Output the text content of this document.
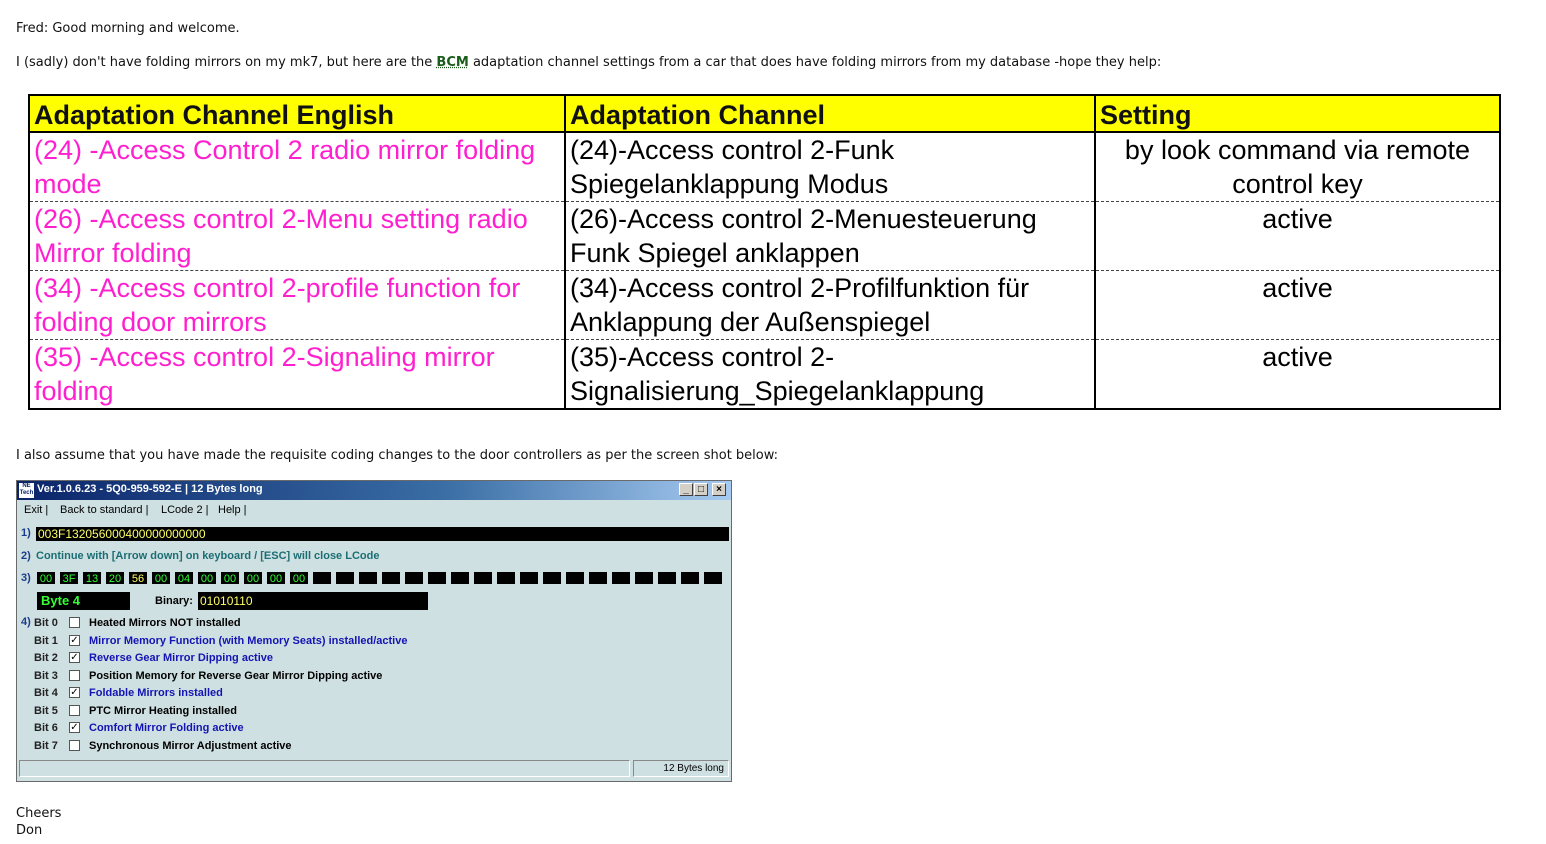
Fred: Good morning and welcome.
I (sadly) don't have folding mirrors on my mk7, but here are the BCM adaptation channel settings from a car that does have folding mirrors from my database -hope they help:
Adaptation Channel English	Adaptation Channel	Setting
(24) -Access Control 2 radio mirror folding mode	(24)-Access control 2-Funk Spiegelanklappung Modus	by look command via remote control key
(26) -Access control 2-Menu setting radio Mirror folding	(26)-Access control 2-Menuesteuerung Funk Spiegel anklappen	active
(34) -Access control 2-profile function for folding door mirrors	(34)-Access control 2-Profilfunktion für Anklappung der Außenspiegel	active
(35) -Access control 2-Signaling mirror folding	(35)-Access control 2-Signalisierung_Spiegelanklappung	active
I also assume that you have made the requisite coding changes to the door controllers as per the screen shot below:
NE Tech Ver.1.0.6.23 - 5Q0-959-592-E | 12 Bytes long	_ □	×
Exit | Back to standard | LCode 2 | Help |
1) 003F132056000400000000000
2) Continue with [Arrow down] on keyboard / [ESC] will close LCode
3) 00 3F 13 20 56 00 04 00 00 00 00 00
Byte 4	Binary: 01010110
4) Bit 0	Heated Mirrors NOT installed
Bit 1 ✓ Mirror Memory Function (with Memory Seats) installed/active
Bit 2 ✓ Reverse Gear Mirror Dipping active
Bit 3	Position Memory for Reverse Gear Mirror Dipping active
Bit 4 ✓ Foldable Mirrors installed
Bit 5	PTC Mirror Heating installed
Bit 6 ✓ Comfort Mirror Folding active
Bit 7	Synchronous Mirror Adjustment active
12 Bytes long
Cheers
Don
